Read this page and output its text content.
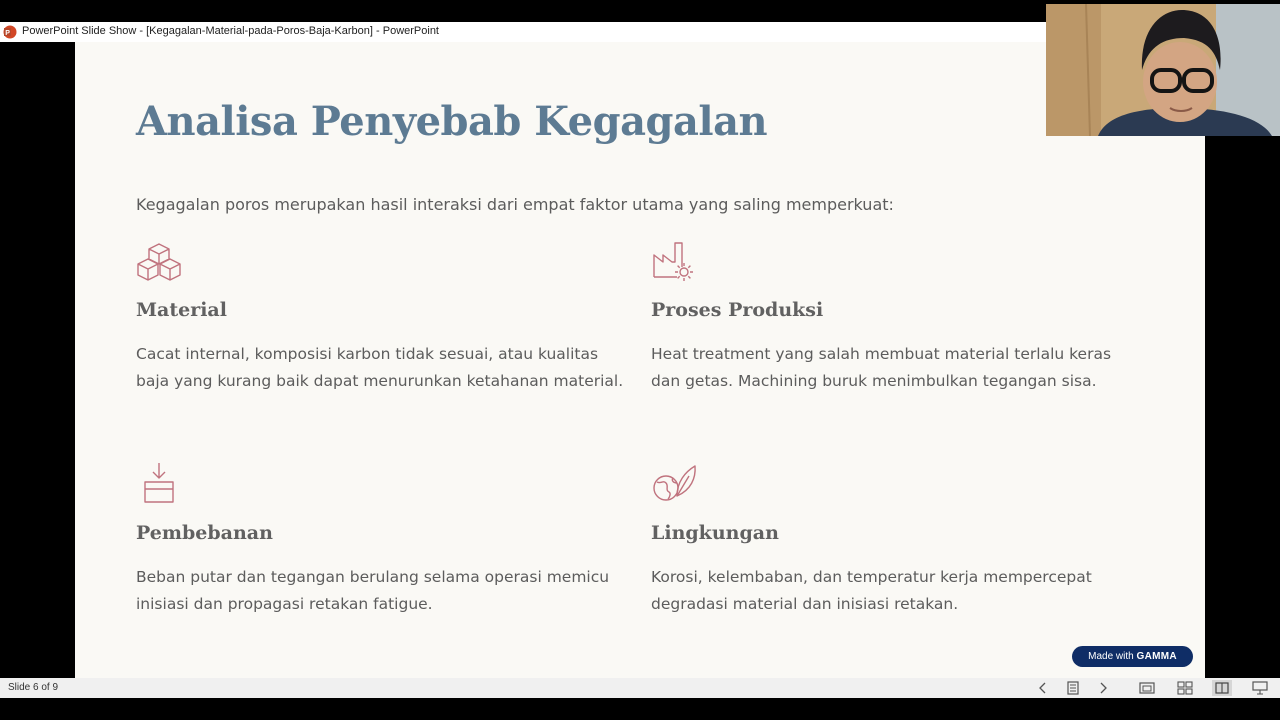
P PowerPoint Slide Show - [Kegagalan-Material-pada-Poros-Baja-Karbon] - PowerPoint
Analisa Penyebab Kegagalan
Kegagalan poros merupakan hasil interaksi dari empat faktor utama yang saling memperkuat:
Material
Cacat internal, komposisi karbon tidak sesuai, atau kualitas baja yang kurang baik dapat menurunkan ketahanan material.
Proses Produksi
Heat treatment yang salah membuat material terlalu keras dan getas. Machining buruk menimbulkan tegangan sisa.
Pembebanan
Beban putar dan tegangan berulang selama operasi memicu inisiasi dan propagasi retakan fatigue.
Lingkungan
Korosi, kelembaban, dan temperatur kerja mempercepat degradasi material dan inisiasi retakan.
Made with GAMMA
Slide 6 of 9
